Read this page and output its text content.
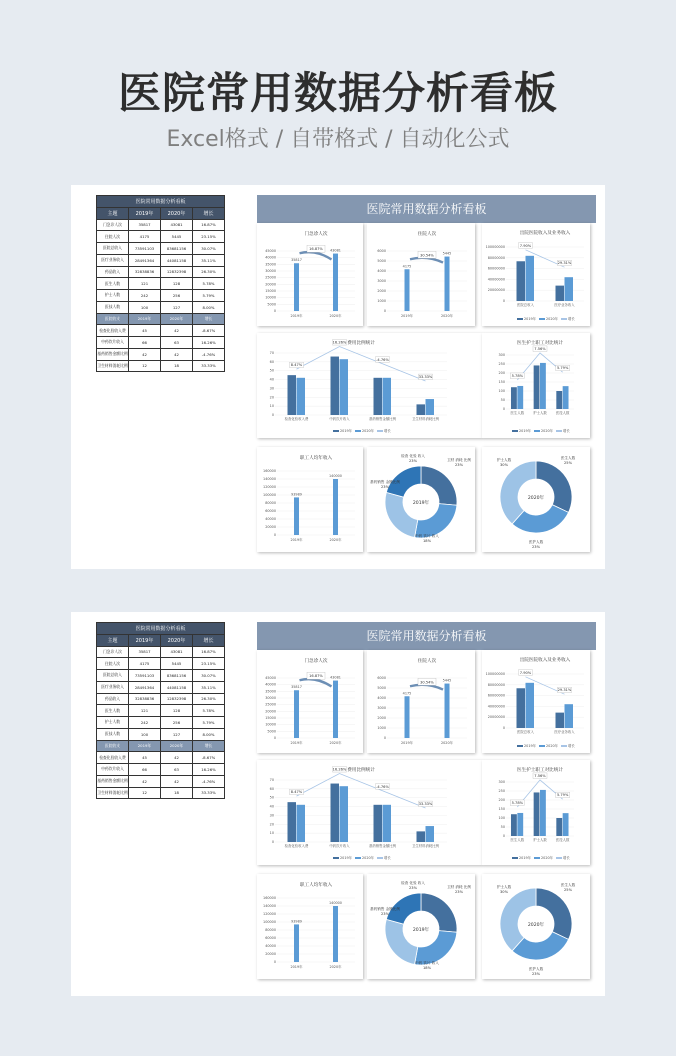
医院常用数据分析看板
Excel格式 / 自带格式 / 自动化公式
医院常用数据分析看板			
主题	2019年	2020年	增长
门急诊人次	35817	43081	16.87%
住院人次	4175	5445	23.15%
医院总收入	73591103	83681156	30.07%
医疗业务收入	28491364	44081158	35.11%
药品收入	32838836	12832398	26.30%
医生人数	121	128	5.78%
护士人数	242	256	5.79%
医技人数	100	127	8.00%
医院收支	2019年	2020年	增长
检查化验收入费	45	42	-8.67%
中药饮片收入	66	63	16.26%
基药销售金额比例	42	42	-4.76%
卫生材料消耗比例	12	18	33.33%
医院常用数据分析看板
门急诊人次
0
5000
10000
15000
20000
25000
30000
35000
40000
45000
35817
2019年
43081
2020年
16.87%
住院人次
0
1000
2000
3000
4000
5000
6000
4175
2019年
5445
2020年
30.54%
出院医院收入及业务收入
0
20000000
40000000
60000000
80000000
100000000
医院总收入	医疗业务收入
7.90%
29.31%
2019年	2020年	增长
费用比例统计
0
10
20
30
40
50
60
70
检查化验收入费	中药饮片收入	基药销售金额比例	卫生材料消耗比例
8.47%
16.26%
-4.76%
33.33%
2019年	2020年	增长
医生护士职工对比统计
0
50
100
150
200
250
300
医生人数	护士人数	医技人数
5.78%
7.56%
5.79%
2019年	2020年	增长
职工人均年收入
0
20000
40000
60000
80000
100000
120000
140000
160000
93989
2019年
140000
2020年
2019年
检查 化验 收入
23%	卫材 消耗 比例
23%
基药销售 金额比例
23%
中药 饮片 收入
18%
2020年
医生人数
25%
医护人数
23%
护士人数
30%
医院常用数据分析看板			
主题	2019年	2020年	增长
门急诊人次	35817	43081	16.87%
住院人次	4175	5445	23.15%
医院总收入	73591103	83681156	30.07%
医疗业务收入	28491364	44081158	35.11%
药品收入	32838836	12832398	26.30%
医生人数	121	128	5.78%
护士人数	242	256	5.79%
医技人数	100	127	8.00%
医院收支	2019年	2020年	增长
检查化验收入费	45	42	-8.67%
中药饮片收入	66	63	16.26%
基药销售金额比例	42	42	-4.76%
卫生材料消耗比例	12	18	33.33%
医院常用数据分析看板
门急诊人次
0
5000
10000
15000
20000
25000
30000
35000
40000
45000
35817
2019年
43081
2020年
16.87%
住院人次
0
1000
2000
3000
4000
5000
6000
4175
2019年
5445
2020年
30.54%
出院医院收入及业务收入
0
20000000
40000000
60000000
80000000
100000000
医院总收入	医疗业务收入
7.90%
29.31%
2019年	2020年	增长
费用比例统计
0
10
20
30
40
50
60
70
检查化验收入费	中药饮片收入	基药销售金额比例	卫生材料消耗比例
8.47%
16.26%
-4.76%
33.33%
2019年	2020年	增长
医生护士职工对比统计
0
50
100
150
200
250
300
医生人数	护士人数	医技人数
5.78%
7.56%
5.79%
2019年	2020年	增长
职工人均年收入
0
20000
40000
60000
80000
100000
120000
140000
160000
93989
2019年
140000
2020年
2019年
检查 化验 收入
23%	卫材 消耗 比例
23%
基药销售 金额比例
23%
中药 饮片 收入
18%
2020年
医生人数
25%
医护人数
23%
护士人数
30%
